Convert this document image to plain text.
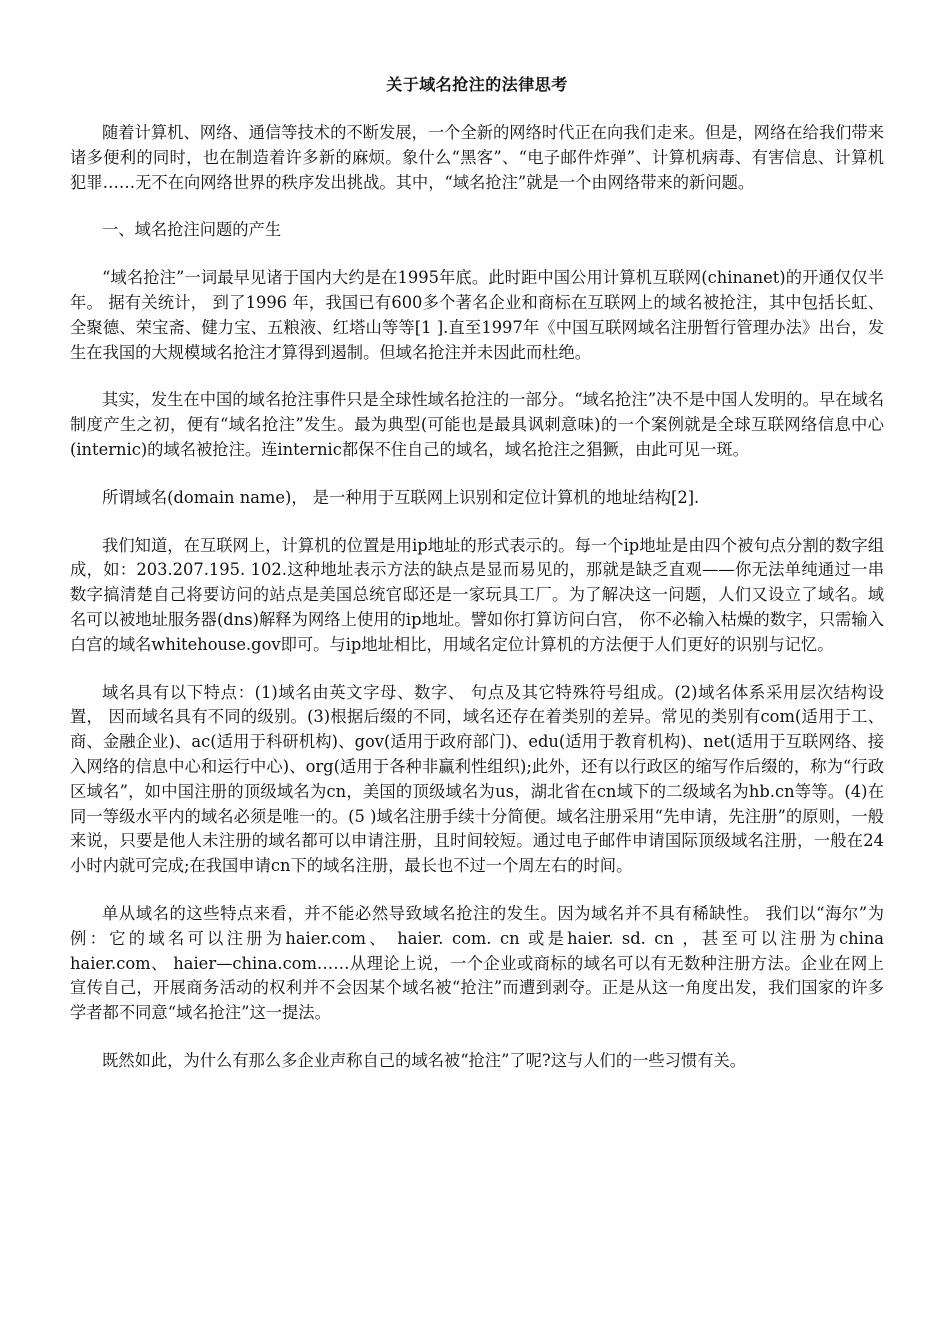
关于域名抢注的法律思考

随着计算机、网络、通信等技术的不断发展，一个全新的网络时代正在向我们走来。但是，网络在给我们带来诸多便利的同时，也在制造着许多新的麻烦。象什么“黑客”、“电子邮件炸弹”、计算机病毒、有害信息、计算机犯罪……无不在向网络世界的秩序发出挑战。其中，“域名抢注”就是一个由网络带来的新问题。

一、域名抢注问题的产生

“域名抢注”一词最早见诸于国内大约是在1995年底。此时距中国公用计算机互联网(chinanet)的开通仅仅半年。 据有关统计， 到了1996 年，我国已有600多个著名企业和商标在互联网上的域名被抢注，其中包括长虹、全聚德、荣宝斋、健力宝、五粮液、红塔山等等[1 ].直至1997年《中国互联网域名注册暂行管理办法》出台，发生在我国的大规模域名抢注才算得到遏制。但域名抢注并未因此而杜绝。

其实，发生在中国的域名抢注事件只是全球性域名抢注的一部分。“域名抢注”决不是中国人发明的。早在域名制度产生之初，便有“域名抢注”发生。最为典型(可能也是最具讽刺意味)的一个案例就是全球互联网络信息中心(internic)的域名被抢注。连internic都保不住自己的域名，域名抢注之猖獗，由此可见一斑。

所谓域名(domain name)， 是一种用于互联网上识别和定位计算机的地址结构[2].

我们知道，在互联网上，计算机的位置是用ip地址的形式表示的。每一个ip地址是由四个被句点分割的数字组成，如：203.207.195. 102.这种地址表示方法的缺点是显而易见的，那就是缺乏直观——你无法单纯通过一串数字搞清楚自己将要访问的站点是美国总统官邸还是一家玩具工厂。为了解决这一问题，人们又设立了域名。域名可以被地址服务器(dns)解释为网络上使用的ip地址。譬如你打算访问白宫， 你不必输入枯燥的数字，只需输入白宫的域名whitehouse.gov即可。与ip地址相比，用域名定位计算机的方法便于人们更好的识别与记忆。

域名具有以下特点：(1)域名由英文字母、数字、 句点及其它特殊符号组成。(2)域名体系采用层次结构设置， 因而域名具有不同的级别。(3)根据后缀的不同，域名还存在着类别的差异。常见的类别有com(适用于工、商、金融企业)、ac(适用于科研机构)、gov(适用于政府部门)、edu(适用于教育机构)、net(适用于互联网络、接入网络的信息中心和运行中心)、org(适用于各种非赢利性组织);此外，还有以行政区的缩写作后缀的，称为“行政区域名”，如中国注册的顶级域名为cn，美国的顶级域名为us，湖北省在cn域下的二级域名为hb.cn等等。(4)在同一等级水平内的域名必须是唯一的。(5 )域名注册手续十分简便。域名注册采用“先申请，先注册”的原则，一般来说，只要是他人未注册的域名都可以申请注册，且时间较短。通过电子邮件申请国际顶级域名注册，一般在24小时内就可完成;在我国申请cn下的域名注册，最长也不过一个周左右的时间。

单从域名的这些特点来看，并不能必然导致域名抢注的发生。因为域名并不具有稀缺性。 我们以“海尔”为例：它的域名可以注册为haier.com、 haier. com. cn 或是haier. sd. cn ，甚至可以注册为china haier.com、 haier—china.com……从理论上说，一个企业或商标的域名可以有无数种注册方法。企业在网上宣传自己，开展商务活动的权利并不会因某个域名被“抢注”而遭到剥夺。正是从这一角度出发，我们国家的许多学者都不同意“域名抢注”这一提法。

既然如此，为什么有那么多企业声称自己的域名被“抢注”了呢?这与人们的一些习惯有关。
